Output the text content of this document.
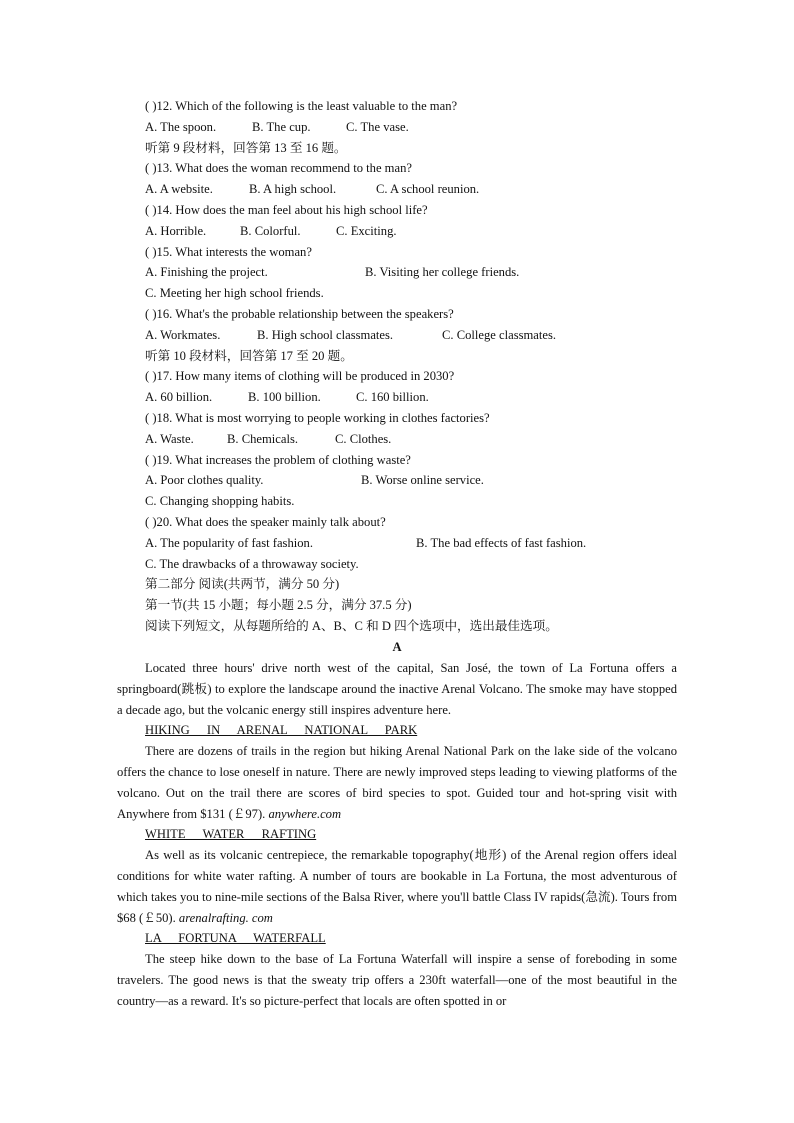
( )12. Which of the following is the least valuable to the man?
A. The spoon.	B. The cup.	C. The vase.
听第 9 段材料，回答第 13 至 16 题。
( )13. What does the woman recommend to the man?
A. A website.	B. A high school.	C. A school reunion.
( )14. How does the man feel about his high school life?
A. Horrible.	B. Colorful.	C. Exciting.
( )15. What interests the woman?
A. Finishing the project.	B. Visiting her college friends.
C. Meeting her high school friends.
( )16. What's the probable relationship between the speakers?
A. Workmates.	B. High school classmates.	C. College classmates.
听第 10 段材料，回答第 17 至 20 题。
( )17. How many items of clothing will be produced in 2030?
A. 60 billion.	B. 100 billion.	C. 160 billion.
( )18. What is most worrying to people working in clothes factories?
A. Waste.	B. Chemicals.	C. Clothes.
( )19. What increases the problem of clothing waste?
A. Poor clothes quality.	B. Worse online service.
C. Changing shopping habits.
( )20. What does the speaker mainly talk about?
A. The popularity of fast fashion.	B. The bad effects of fast fashion.
C. The drawbacks of a throwaway society.
第二部分 阅读(共两节，满分 50 分)
第一节(共 15 小题；每小题 2.5 分，满分 37.5 分)
阅读下列短文，从每题所给的 A、B、C 和 D 四个选项中，选出最佳选项。
A

Located three hours' drive north west of the capital, San José, the town of La Fortuna offers a springboard(跳板) to explore the landscape around the inactive Arenal Volcano. The smoke may have stopped a decade ago, but the volcanic energy still inspires adventure here.

HIKING IN ARENAL NATIONAL PARK

There are dozens of trails in the region but hiking Arenal National Park on the lake side of the volcano offers the chance to lose oneself in nature. There are newly improved steps leading to viewing platforms of the volcano. Out on the trail there are scores of bird species to spot. Guided tour and hot-spring visit with Anywhere from $131 (￡97). anywhere.com

WHITE WATER RAFTING

As well as its volcanic centrepiece, the remarkable topography(地形) of the Arenal region offers ideal conditions for white water rafting. A number of tours are bookable in La Fortuna, the most adventurous of which takes you to nine-mile sections of the Balsa River, where you'll battle Class IV rapids(急流). Tours from $68 (￡50). arenalrafting. com

LA FORTUNA WATERFALL

The steep hike down to the base of La Fortuna Waterfall will inspire a sense of foreboding in some travelers. The good news is that the sweaty trip offers a 230ft waterfall—one of the most beautiful in the country—as a reward. It's so picture-perfect that locals are often spotted in or
